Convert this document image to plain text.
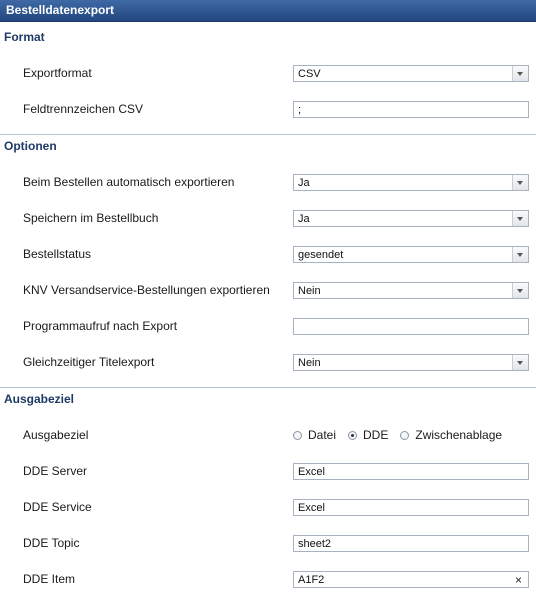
Bestelldatenexport
Format
Exportformat	CSV
Feldtrennzeichen CSV	;
Optionen
Beim Bestellen automatisch exportieren	Ja
Speichern im Bestellbuch	Ja
Bestellstatus	gesendet
KNV Versandservice-Bestellungen exportieren	Nein
Programmaufruf nach Export
Gleichzeitiger Titelexport	Nein
Ausgabeziel
Ausgabeziel	Datei DDE Zwischenablage
DDE Server	Excel
DDE Service	Excel
DDE Topic	sheet2
DDE Item	A1F2	×
